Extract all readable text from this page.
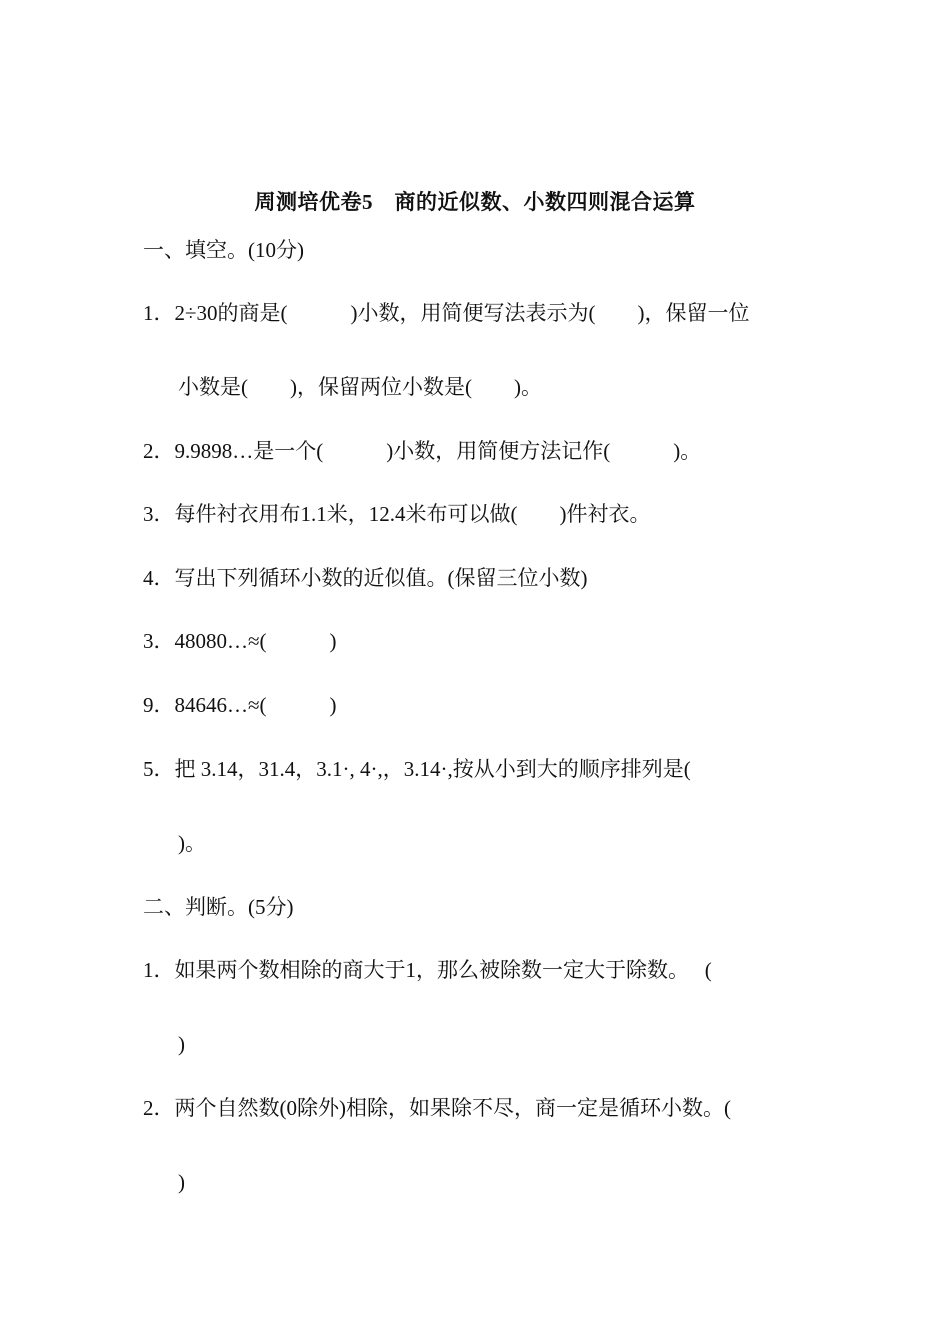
周测培优卷5　商的近似数、小数四则混合运算
一、填空。(10分)
1．2÷30的商是(　　　)小数，用简便写法表示为(　　)，保留一位
小数是(　　)，保留两位小数是(　　)。
2．9.9898…是一个(　　　)小数，用简便方法记作(　　　)。
3．每件衬衣用布1.1米，12.4米布可以做(　　)件衬衣。
4．写出下列循环小数的近似值。(保留三位小数)
3．48080…≈(　　　)
9．84646…≈(　　　)
5．把 3.14，31.4，3.1·, 4·,，3.14·,按从小到大的顺序排列是(
)。
二、判断。(5分)
1．如果两个数相除的商大于1，那么被除数一定大于除数。　 (
)
2．两个自然数(0除外)相除，如果除不尽，商一定是循环小数。(
)
